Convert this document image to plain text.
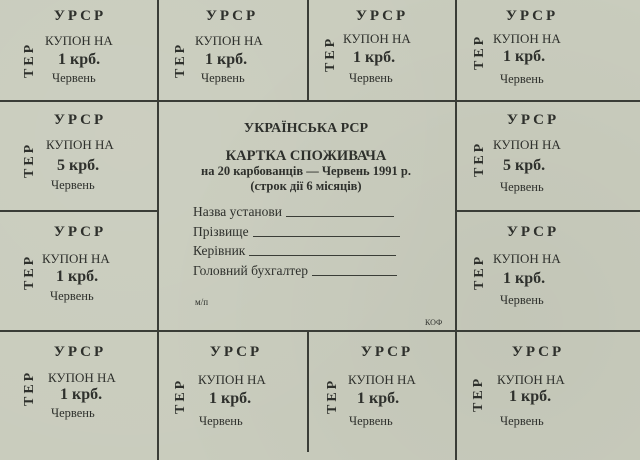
УРСР
ТЕР
КУПОН НА
1 крб.
Червень
УРСР
ТЕР
КУПОН НА
1 крб.
Червень
УРСР
ТЕР КУПОН НА
1 крб.
Червень
УРСР
ТЕР КУПОН НА
1 крб.
Червень
УРСР
ТЕР КУПОН НА
5 крб.
Червень
УРСР
ТЕР КУПОН НА
5 крб.
Червень
УРСР
ТЕР КУПОН НА
1 крб.
Червень
УРСР
ТЕР КУПОН НА
1 крб.
Червень
УРСР
ТЕР КУПОН НА
1 крб.
Червень
УРСР
ТЕР КУПОН НА
1 крб.
Червень
УРСР
ТЕР КУПОН НА
1 крб.
Червень
УРСР
ТЕР КУПОН НА
1 крб.
Червень
УКРАЇНСЬКА РСР
КАРТКА СПОЖИВАЧА
на 20 карбованців — Червень 1991 р.
(строк дії 6 місяців)
Назва установи
Прізвище
Керівник
Головний бухгалтер
м/п
КОФ
